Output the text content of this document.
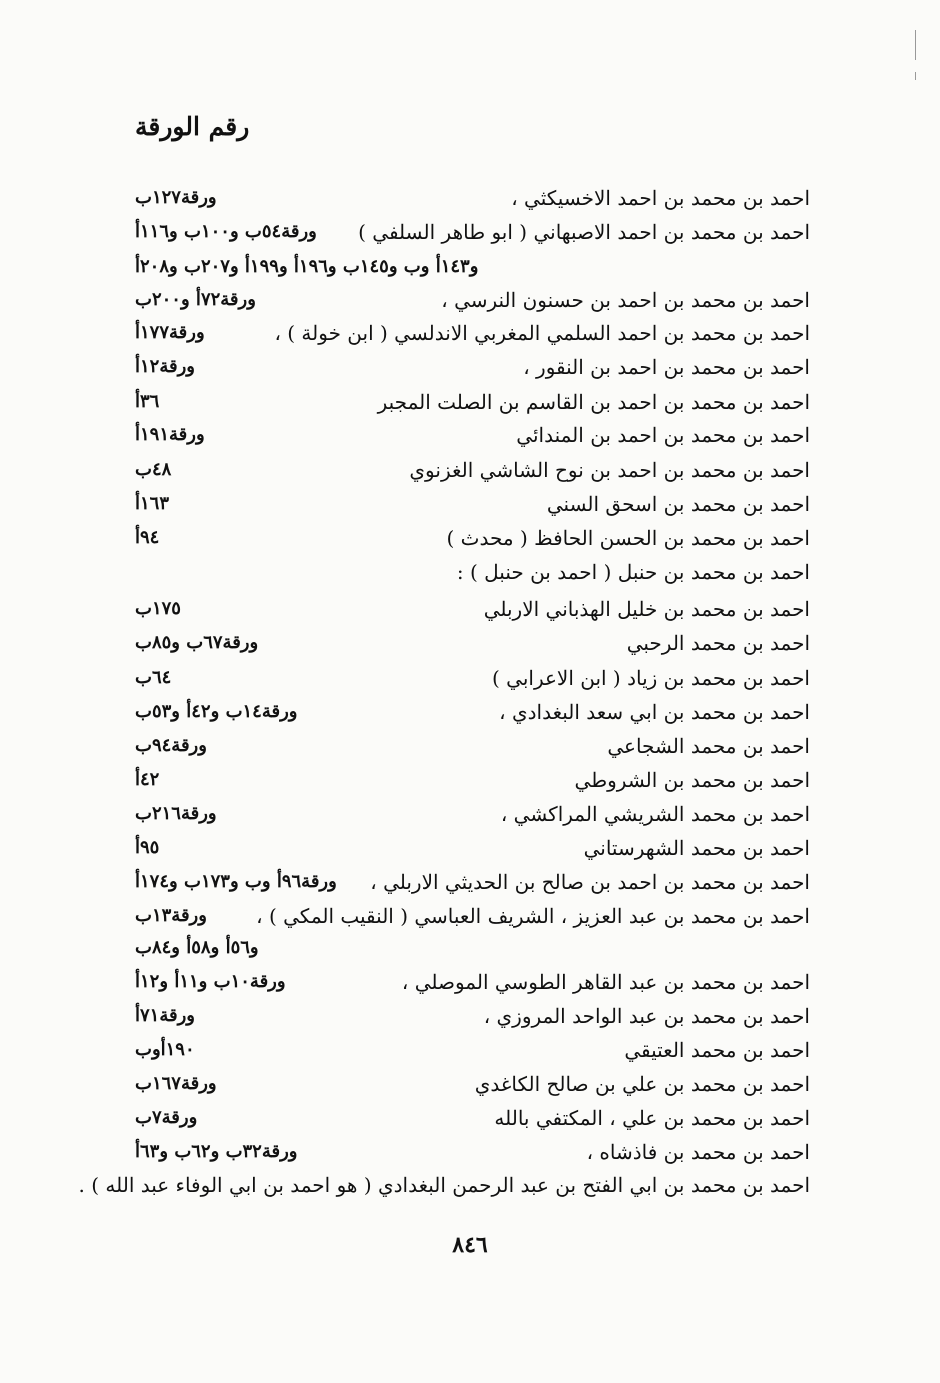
رقم الورقة
احمد بن محمد بن احمد الاخسيكثي ،
ورقة١٢٧ب
احمد بن محمد بن احمد الاصبهاني ( ابو طاهر السلفي )
ورقة٥٤ب و١٠٠ب و١١٦أ
و١٤٣أ وب و١٤٥ب و١٩٦أ و١٩٩أ و٢٠٧ب و٢٠٨أ
احمد بن محمد بن احمد بن حسنون النرسي ،
ورقة٧٢أ و٢٠٠ب
احمد بن محمد بن احمد السلمي المغربي الاندلسي ( ابن خولة ) ،
ورقة١٧٧أ
احمد بن محمد بن احمد بن النقور ،
ورقة١٢أ
احمد بن محمد بن احمد بن القاسم بن الصلت المجبر
٣٦أ
احمد بن محمد بن احمد بن المندائي
ورقة١٩١أ
احمد بن محمد بن احمد بن نوح الشاشي الغزنوي
٤٨ب
احمد بن محمد بن اسحق السني
١٦٣أ
احمد بن محمد بن الحسن الحافظ ( محدث )
٩٤أ
احمد بن محمد بن حنبل ( احمد بن حنبل ) :
احمد بن محمد بن خليل الهذباني الاربلي
١٧٥ب
احمد بن محمد الرحبي
ورقة٦٧ب و٨٥ب
احمد بن محمد بن زياد ( ابن الاعرابي )
٦٤ب
احمد بن محمد بن ابي سعد البغدادي ،
ورقة١٤ب و٤٢أ و٥٣ب
احمد بن محمد الشجاعي
ورقة٩٤ب
احمد بن محمد بن الشروطي
٤٢أ
احمد بن محمد الشريشي المراكشي ،
ورقة٢١٦ب
احمد بن محمد الشهرستاني
٩٥أ
احمد بن محمد بن احمد بن صالح بن الحديثي الاربلي ،
ورقة٩٦أ وب و١٧٣ب و١٧٤أ
احمد بن محمد بن عبد العزيز ، الشريف العباسي ( النقيب المكي ) ،
ورقة١٣ب
و٥٦أ و٥٨أ و٨٤ب
احمد بن محمد بن عبد القاهر الطوسي الموصلي ،
ورقة١٠ب و١١أ و١٢أ
احمد بن محمد بن عبد الواحد المروزي ،
ورقة٧١أ
احمد بن محمد العتيقي
١٩٠أوب
احمد بن محمد بن علي بن صالح الكاغدي
ورقة١٦٧ب
احمد بن محمد بن علي ، المكتفي بالله
ورقة٧ب
احمد بن محمد بن فاذشاه ،
ورقة٣٢ب و٦٢ب و٦٣أ
احمد بن محمد بن ابي الفتح بن عبد الرحمن البغدادي ( هو احمد بن ابي الوفاء عبد الله ) .
٨٤٦
